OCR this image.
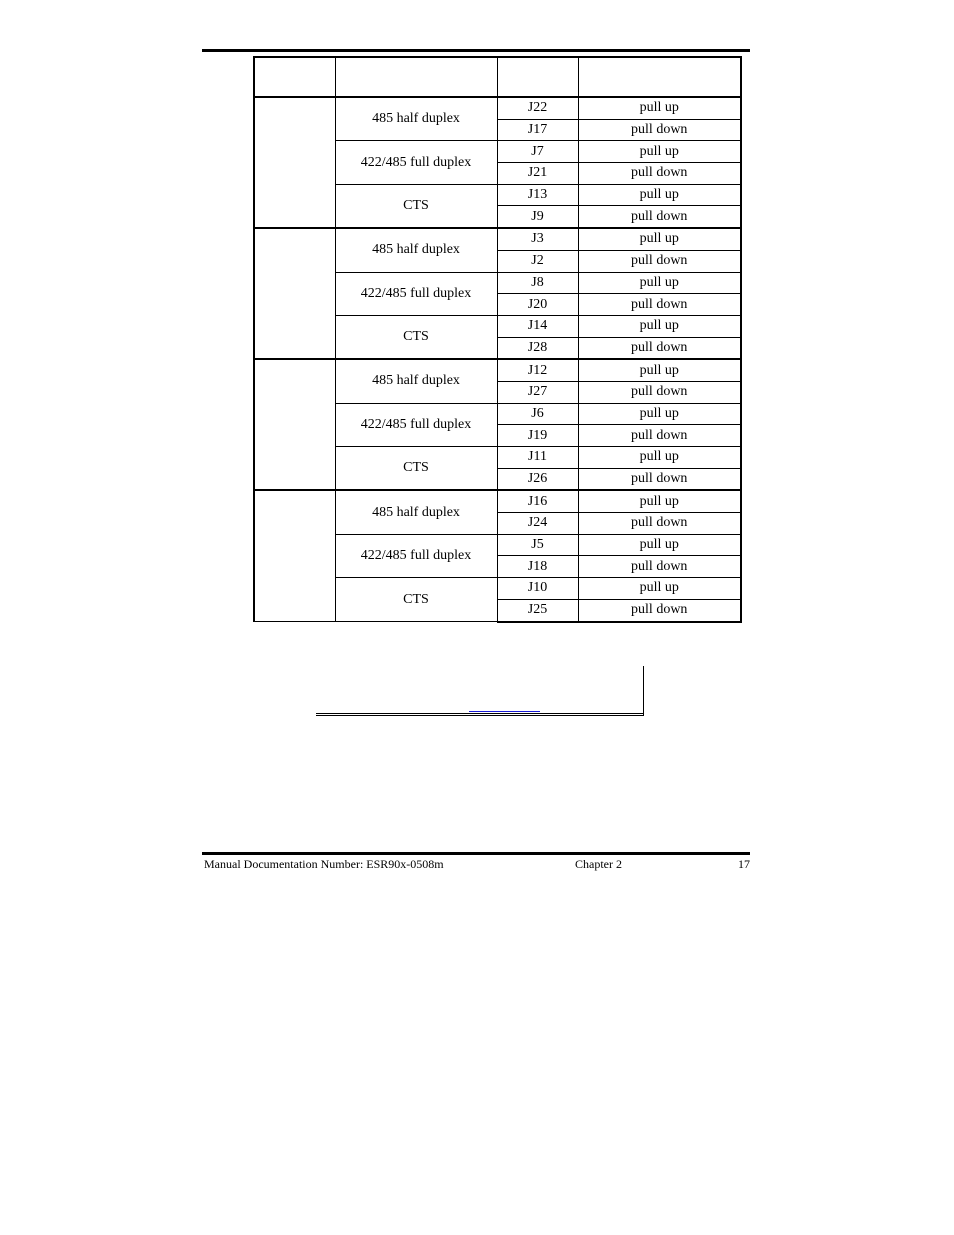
	485 half duplex	J22	pull up
		J17	pull down
	422/485 full duplex	J7	pull up
		J21	pull down
	CTS	J13	pull up
		J9	pull down
	485 half duplex	J3	pull up
		J2	pull down
	422/485 full duplex	J8	pull up
		J20	pull down
	CTS	J14	pull up
		J28	pull down
	485 half duplex	J12	pull up
		J27	pull down
	422/485 full duplex	J6	pull up
		J19	pull down
	CTS	J11	pull up
		J26	pull down
	485 half duplex	J16	pull up
		J24	pull down
	422/485 full duplex	J5	pull up
		J18	pull down
	CTS	J10	pull up
		J25	pull down
Manual Documentation Number: ESR90x-0508m	Chapter 2	17
